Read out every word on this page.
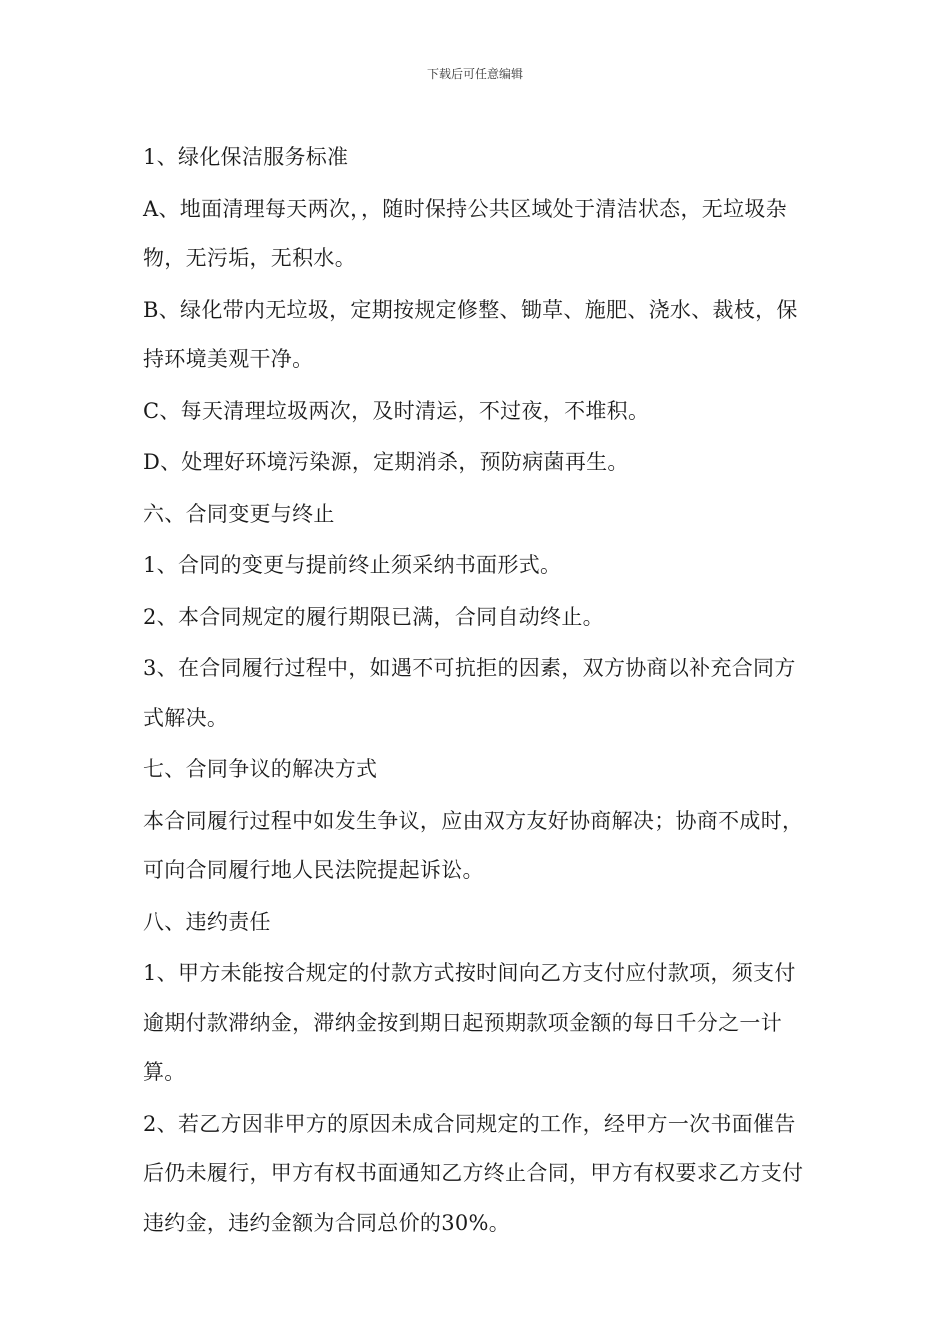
下载后可任意编辑

1、绿化保洁服务标准

A、地面清理每天两次，，随时保持公共区域处于清洁状态，无垃圾杂物，无污垢，无积水。

B、绿化带内无垃圾，定期按规定修整、锄草、施肥、浇水、裁枝，保持环境美观干净。

C、每天清理垃圾两次，及时清运，不过夜，不堆积。

D、处理好环境污染源，定期消杀，预防病菌再生。

六、合同变更与终止

1、合同的变更与提前终止须采纳书面形式。

2、本合同规定的履行期限已满，合同自动终止。

3、在合同履行过程中，如遇不可抗拒的因素，双方协商以补充合同方式解决。

七、合同争议的解决方式

本合同履行过程中如发生争议，应由双方友好协商解决；协商不成时，可向合同履行地人民法院提起诉讼。

八、违约责任

1、甲方未能按合规定的付款方式按时间向乙方支付应付款项，须支付逾期付款滞纳金，滞纳金按到期日起预期款项金额的每日千分之一计算。

2、若乙方因非甲方的原因未成合同规定的工作，经甲方一次书面催告后仍未履行，甲方有权书面通知乙方终止合同，甲方有权要求乙方支付违约金，违约金额为合同总价的30%。
